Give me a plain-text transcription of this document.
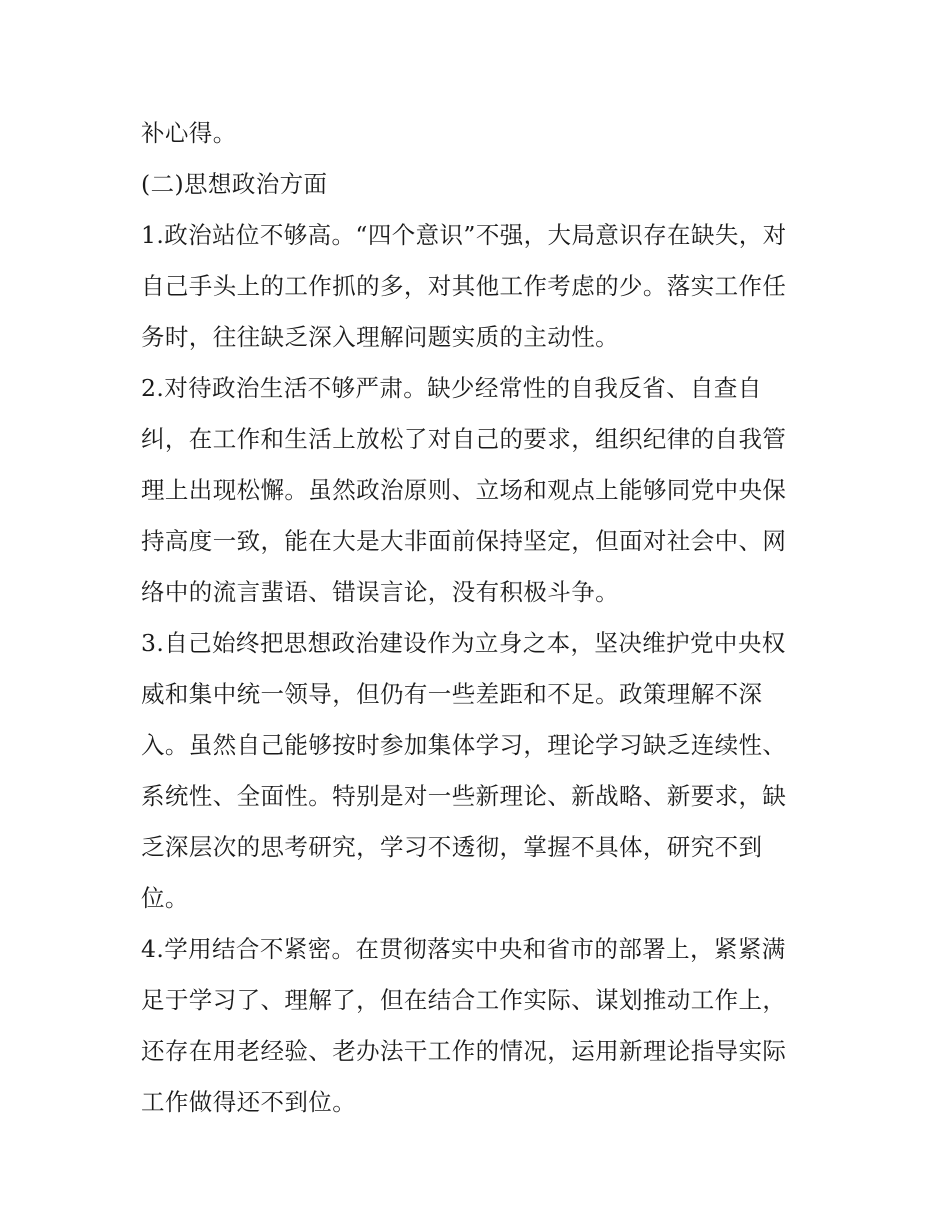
补心得。
(二)思想政治方面
1.政治站位不够高。“四个意识”不强，大局意识存在缺失，对
自己手头上的工作抓的多，对其他工作考虑的少。落实工作任
务时，往往缺乏深入理解问题实质的主动性。
2.对待政治生活不够严肃。缺少经常性的自我反省、自查自
纠，在工作和生活上放松了对自己的要求，组织纪律的自我管
理上出现松懈。虽然政治原则、立场和观点上能够同党中央保
持高度一致，能在大是大非面前保持坚定，但面对社会中、网
络中的流言蜚语、错误言论，没有积极斗争。
3.自己始终把思想政治建设作为立身之本，坚决维护党中央权
威和集中统一领导，但仍有一些差距和不足。政策理解不深
入。虽然自己能够按时参加集体学习，理论学习缺乏连续性、
系统性、全面性。特别是对一些新理论、新战略、新要求，缺
乏深层次的思考研究，学习不透彻，掌握不具体，研究不到
位。
4.学用结合不紧密。在贯彻落实中央和省市的部署上，紧紧满
足于学习了、理解了，但在结合工作实际、谋划推动工作上，
还存在用老经验、老办法干工作的情况，运用新理论指导实际
工作做得还不到位。
